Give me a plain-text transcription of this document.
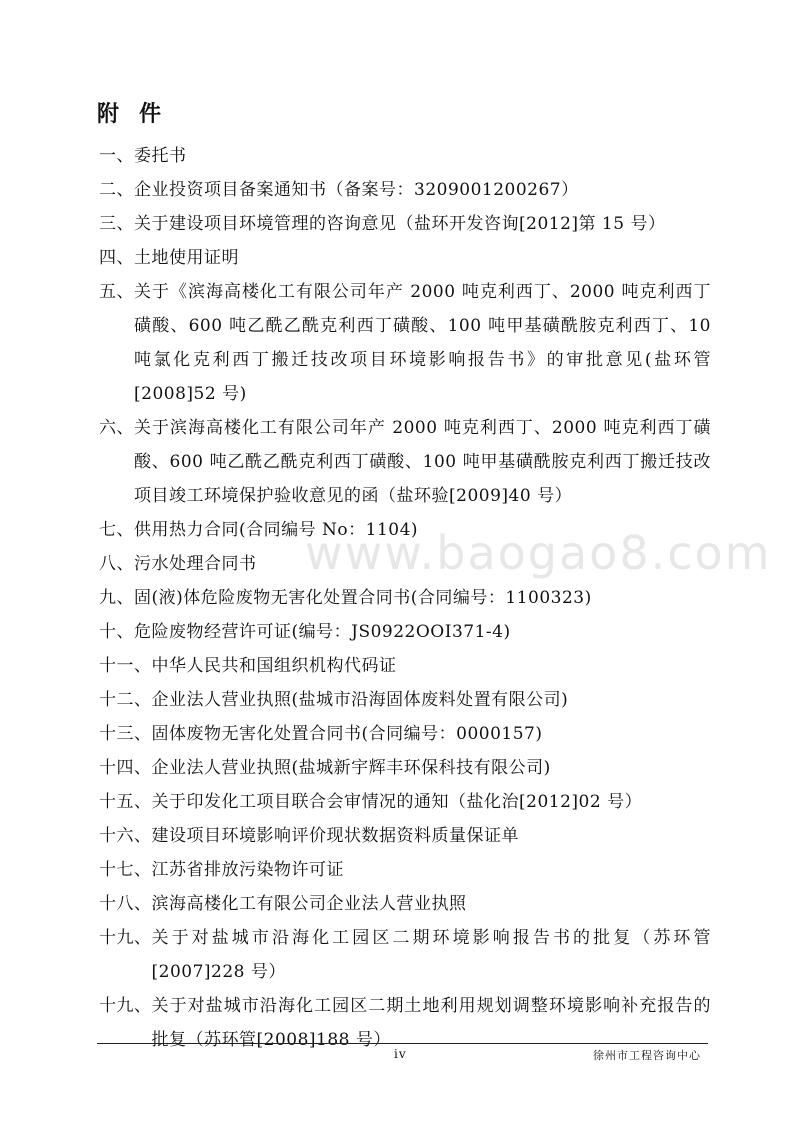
附件
www.baogao8.com
一、 委托书
二、 企业投资项目备案通知书（备案号：3209001200267）
三、 关于建设项目环境管理的咨询意见（盐环开发咨询[2012]第 15 号）
四、 土地使用证明
五、 关于《滨海高楼化工有限公司年产 2000 吨克利西丁、2000 吨克利西丁磺酸、600 吨乙酰乙酰克利西丁磺酸、100 吨甲基磺酰胺克利西丁、10 吨氯化克利西丁搬迁技改项目环境影响报告书》的审批意见(盐环管[2008]52 号)
六、 关于滨海高楼化工有限公司年产 2000 吨克利西丁、2000 吨克利西丁磺酸、600 吨乙酰乙酰克利西丁磺酸、100 吨甲基磺酰胺克利西丁搬迁技改项目竣工环境保护验收意见的函（盐环验[2009]40 号）
七、 供用热力合同(合同编号 No：1104)
八、 污水处理合同书
九、 固(液)体危险废物无害化处置合同书(合同编号：1100323)
十、 危险废物经营许可证(编号：JS0922OOI371-4)
十一、 中华人民共和国组织机构代码证
十二、 企业法人营业执照(盐城市沿海固体废料处置有限公司)
十三、 固体废物无害化处置合同书(合同编号：0000157)
十四、 企业法人营业执照(盐城新宇辉丰环保科技有限公司)
十五、 关于印发化工项目联合会审情况的通知（盐化治[2012]02 号）
十六、 建设项目环境影响评价现状数据资料质量保证单
十七、 江苏省排放污染物许可证
十八、 滨海高楼化工有限公司企业法人营业执照
十九、 关于对盐城市沿海化工园区二期环境影响报告书的批复（苏环管[2007]228 号）
十九、 关于对盐城市沿海化工园区二期土地利用规划调整环境影响补充报告的批复（苏环管[2008]188 号）
iv	徐州市工程咨询中心
